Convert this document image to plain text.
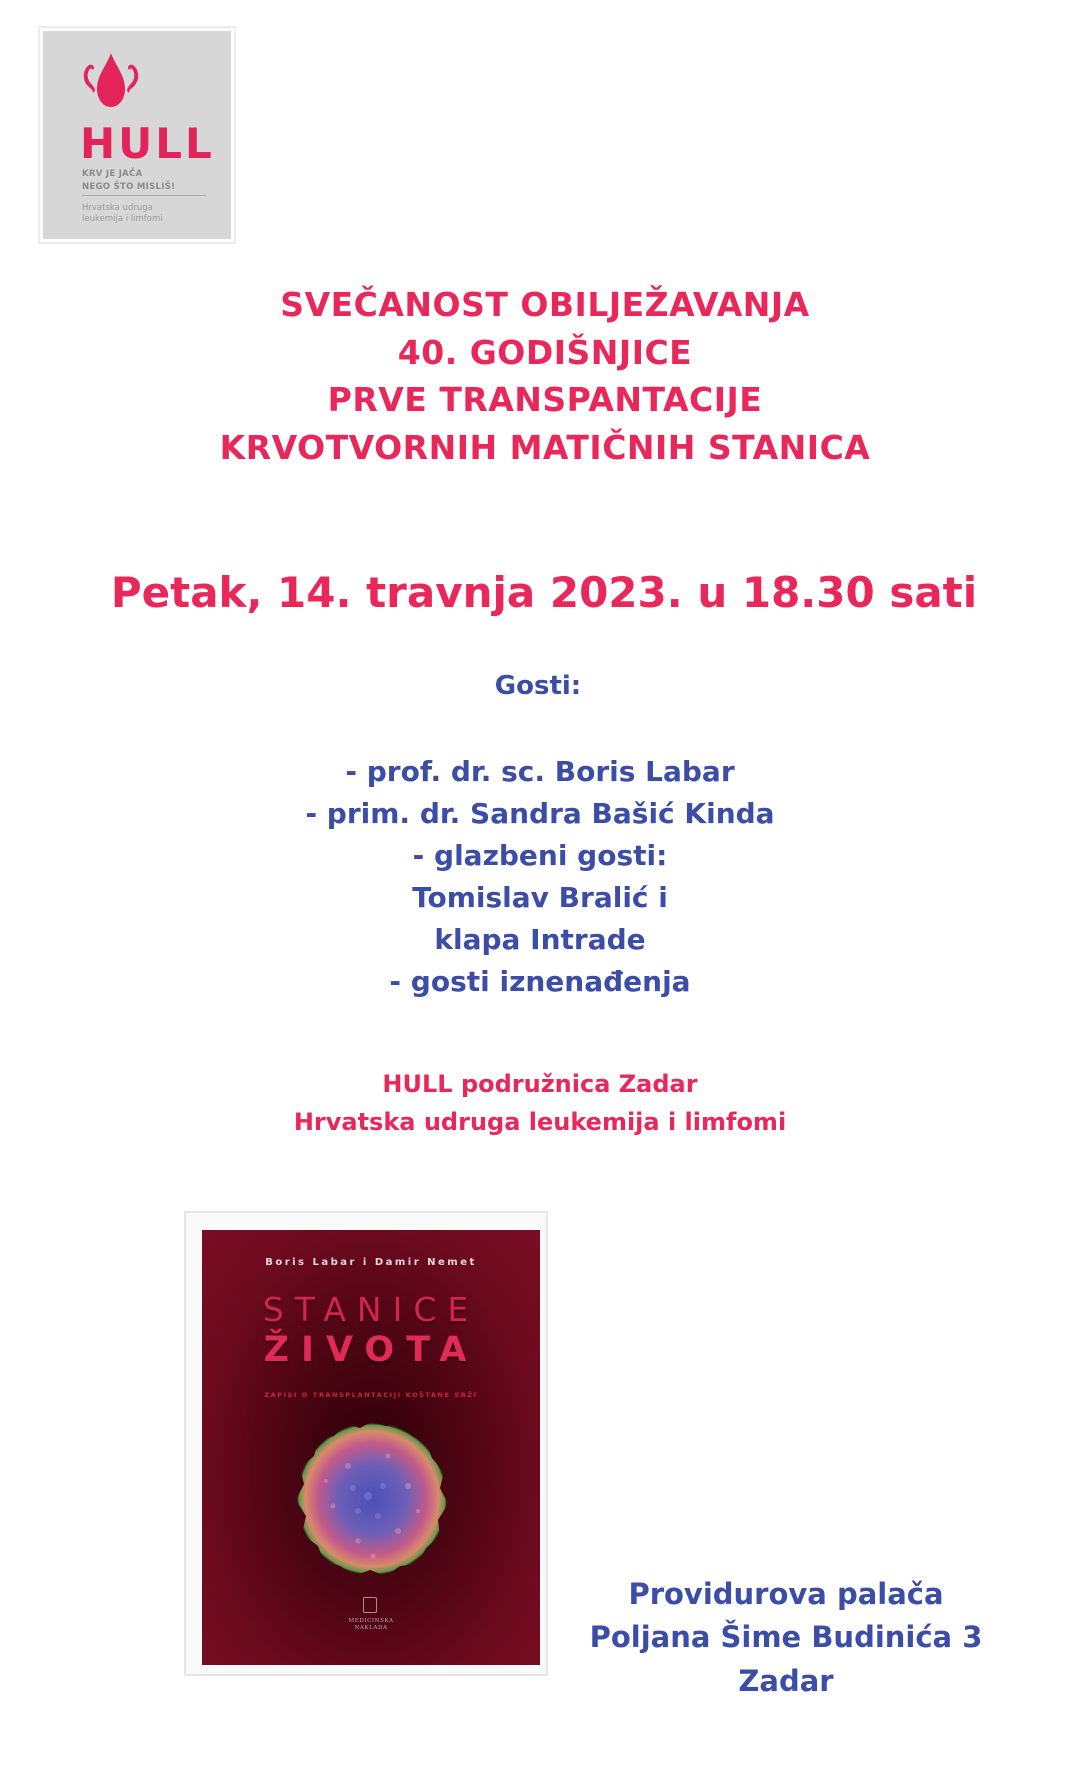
HULL
KRV JE JAČA
NEGO ŠTO MISLIŠ!
Hrvatska udruga
leukemija i limfomi
SVEČANOST OBILJEŽAVANJA
40. GODIŠNJICE
PRVE TRANSPANTACIJE
KRVOTVORNIH MATIČNIH STANICA
Petak, 14. travnja 2023. u 18.30 sati
Gosti:
- prof. dr. sc. Boris Labar
- prim. dr. Sandra Bašić Kinda
- glazbeni gosti:
Tomislav Bralić i
klapa Intrade
- gosti iznenađenja
HULL podružnica Zadar
Hrvatska udruga leukemija i limfomi
Boris Labar i Damir Nemet
STANICE
ŽIVOTA
ZAPISI O TRANSPLANTACIJI KOŠTANE SRŽI
MEDICINSKA
NAKLADA
Providurova palača
Poljana Šime Budinića 3
Zadar
